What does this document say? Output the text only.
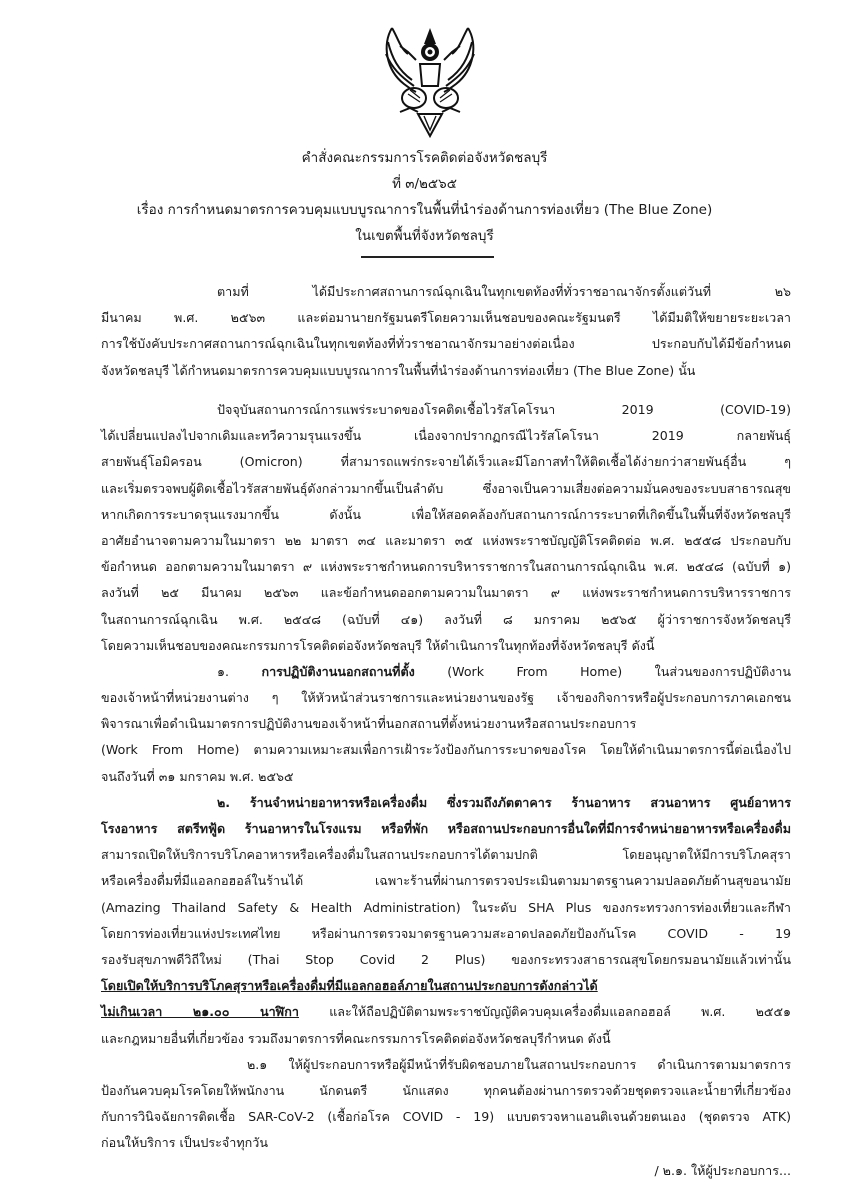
คำสั่งคณะกรรมการโรคติดต่อจังหวัดชลบุรี
ที่ ๓/๒๕๖๕
เรื่อง การกำหนดมาตรการควบคุมแบบบูรณาการในพื้นที่นำร่องด้านการท่องเที่ยว (The Blue Zone)
ในเขตพื้นที่จังหวัดชลบุรี
ตามที่ ได้มีประกาศสถานการณ์ฉุกเฉินในทุกเขตท้องที่ทั่วราชอาณาจักรตั้งแต่วันที่ ๒๖
มีนาคม พ.ศ. ๒๕๖๓ และต่อมานายกรัฐมนตรีโดยความเห็นชอบของคณะรัฐมนตรี ได้มีมติให้ขยายระยะเวลา
การใช้บังคับประกาศสถานการณ์ฉุกเฉินในทุกเขตท้องที่ทั่วราชอาณาจักรมาอย่างต่อเนื่อง ประกอบกับได้มีข้อกำหนด
จังหวัดชลบุรี ได้กำหนดมาตรการควบคุมแบบบูรณาการในพื้นที่นำร่องด้านการท่องเที่ยว (The Blue Zone) นั้น
ปัจจุบันสถานการณ์การแพร่ระบาดของโรคติดเชื้อไวรัสโคโรนา 2019 (COVID-19)
ได้เปลี่ยนแปลงไปจากเดิมและทวีความรุนแรงขึ้น เนื่องจากปรากฏกรณีไวรัสโคโรนา 2019 กลายพันธุ์
สายพันธุ์โอมิครอน (Omicron) ที่สามารถแพร่กระจายได้เร็วและมีโอกาสทำให้ติดเชื้อได้ง่ายกว่าสายพันธุ์อื่น ๆ
และเริ่มตรวจพบผู้ติดเชื้อไวรัสสายพันธุ์ดังกล่าวมากขึ้นเป็นลำดับ ซึ่งอาจเป็นความเสี่ยงต่อความมั่นคงของระบบสาธารณสุข
หากเกิดการระบาดรุนแรงมากขึ้น ดังนั้น เพื่อให้สอดคล้องกับสถานการณ์การระบาดที่เกิดขึ้นในพื้นที่จังหวัดชลบุรี
อาศัยอำนาจตามความในมาตรา ๒๒ มาตรา ๓๔ และมาตรา ๓๕ แห่งพระราชบัญญัติโรคติดต่อ พ.ศ. ๒๕๕๘ ประกอบกับ
ข้อกำหนด ออกตามความในมาตรา ๙ แห่งพระราชกำหนดการบริหารราชการในสถานการณ์ฉุกเฉิน พ.ศ. ๒๕๔๘ (ฉบับที่ ๑)
ลงวันที่ ๒๕ มีนาคม ๒๕๖๓ และข้อกำหนดออกตามความในมาตรา ๙ แห่งพระราชกำหนดการบริหารราชการ
ในสถานการณ์ฉุกเฉิน พ.ศ. ๒๕๔๘ (ฉบับที่ ๔๑) ลงวันที่ ๘ มกราคม ๒๕๖๕ ผู้ว่าราชการจังหวัดชลบุรี
โดยความเห็นชอบของคณะกรรมการโรคติดต่อจังหวัดชลบุรี ให้ดำเนินการในทุกท้องที่จังหวัดชลบุรี ดังนี้
๑.	การปฏิบัติงานนอกสถานที่ตั้ง	(Work From Home) ในส่วนของการปฏิบัติงาน
ของเจ้าหน้าที่หน่วยงานต่าง ๆ ให้หัวหน้าส่วนราชการและหน่วยงานของรัฐ เจ้าของกิจการหรือผู้ประกอบการภาคเอกชน
พิจารณาเพื่อดำเนินมาตรการปฏิบัติงานของเจ้าหน้าที่นอกสถานที่ตั้งหน่วยงานหรือสถานประกอบการ
(Work From Home) ตามความเหมาะสมเพื่อการเฝ้าระวังป้องกันการระบาดของโรค โดยให้ดำเนินมาตรการนี้ต่อเนื่องไป
จนถึงวันที่ ๓๑ มกราคม พ.ศ. ๒๕๖๕
๒. ร้านจำหน่ายอาหารหรือเครื่องดื่ม ซึ่งรวมถึงภัตตาคาร ร้านอาหาร สวนอาหาร ศูนย์อาหาร
โรงอาหาร สตรีทฟู้ด ร้านอาหารในโรงแรม หรือที่พัก หรือสถานประกอบการอื่นใดที่มีการจำหน่ายอาหารหรือเครื่องดื่ม
สามารถเปิดให้บริการบริโภคอาหารหรือเครื่องดื่มในสถานประกอบการได้ตามปกติ โดยอนุญาตให้มีการบริโภคสุรา
หรือเครื่องดื่มที่มีแอลกอฮอล์ในร้านได้ เฉพาะร้านที่ผ่านการตรวจประเมินตามมาตรฐานความปลอดภัยด้านสุขอนามัย
(Amazing Thailand Safety & Health Administration) ในระดับ SHA Plus ของกระทรวงการท่องเที่ยวและกีฬา
โดยการท่องเที่ยวแห่งประเทศไทย หรือผ่านการตรวจมาตรฐานความสะอาดปลอดภัยป้องกันโรค COVID - 19
รองรับสุขภาพดีวิถีใหม่ (Thai Stop Covid 2 Plus) ของกระทรวงสาธารณสุขโดยกรมอนามัยแล้วเท่านั้น
โดยเปิดให้บริการบริโภคสุราหรือเครื่องดื่มที่มีแอลกอฮอล์ภายในสถานประกอบการดังกล่าวได้
ไม่เกินเวลา ๒๑.๐๐ นาฬิกา และให้ถือปฏิบัติตามพระราชบัญญัติควบคุมเครื่องดื่มแอลกอฮอล์ พ.ศ. ๒๕๕๑
และกฎหมายอื่นที่เกี่ยวข้อง รวมถึงมาตรการที่คณะกรรมการโรคติดต่อจังหวัดชลบุรีกำหนด ดังนี้
๒.๑ ให้ผู้ประกอบการหรือผู้มีหน้าที่รับผิดชอบภายในสถานประกอบการ ดำเนินการตามมาตรการ
ป้องกันควบคุมโรคโดยให้พนักงาน นักดนตรี นักแสดง ทุกคนต้องผ่านการตรวจด้วยชุดตรวจและน้ำยาที่เกี่ยวข้อง
กับการวินิจฉัยการติดเชื้อ SAR-CoV-2 (เชื้อก่อโรค COVID - 19) แบบตรวจหาแอนติเจนด้วยตนเอง (ชุดตรวจ ATK)
ก่อนให้บริการ เป็นประจำทุกวัน
/ ๒.๑. ให้ผู้ประกอบการ...
